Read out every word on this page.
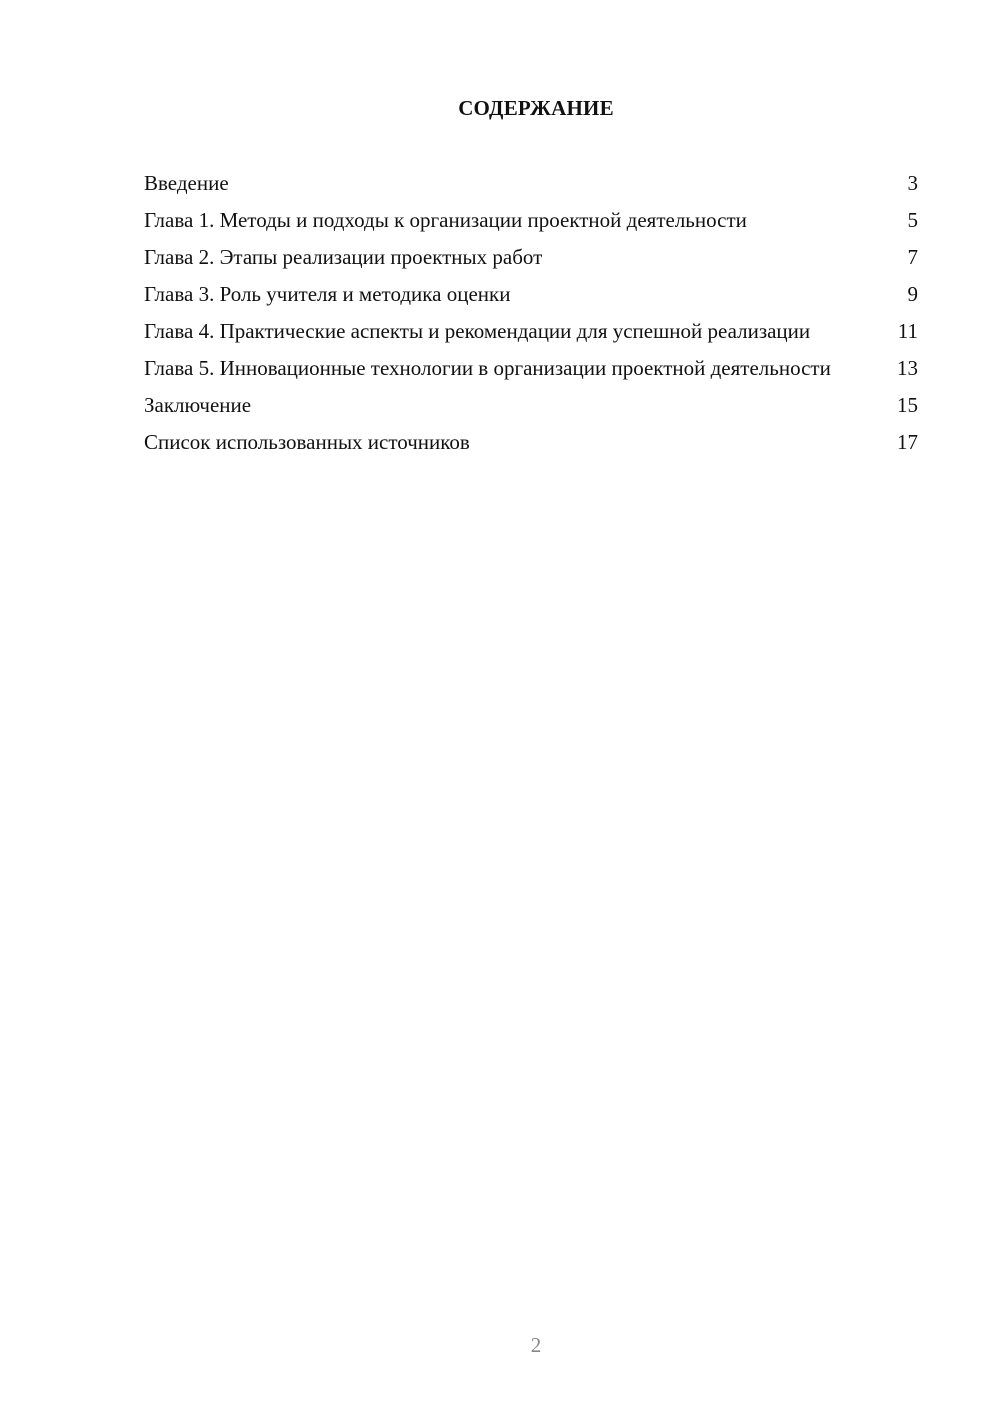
СОДЕРЖАНИЕ
Введение	3
Глава 1. Методы и подходы к организации проектной деятельности	5
Глава 2. Этапы реализации проектных работ	7
Глава 3. Роль учителя и методика оценки	9
Глава 4. Практические аспекты и рекомендации для успешной реализации	11
Глава 5. Инновационные технологии в организации проектной деятельности	13
Заключение	15
Список использованных источников	17
2
